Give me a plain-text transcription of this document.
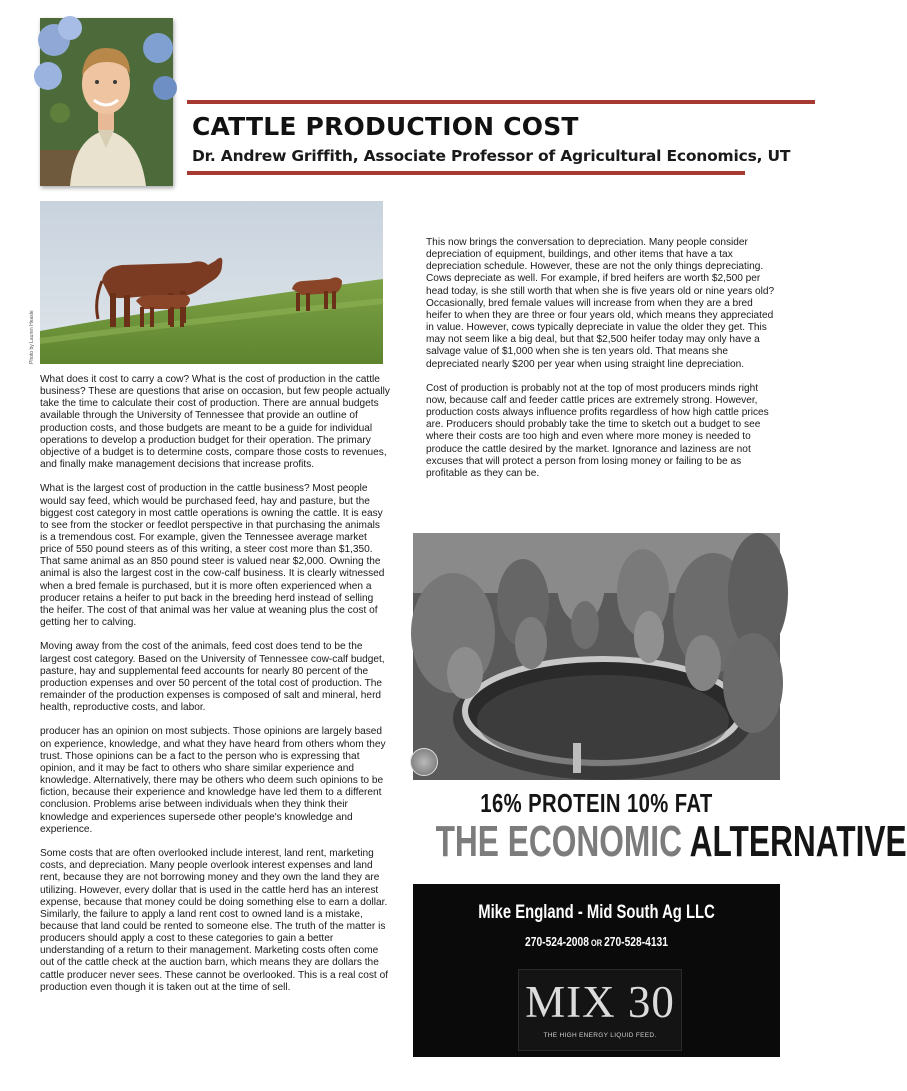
CATTLE PRODUCTION COST
Dr. Andrew Griffith, Associate Professor of Agricultural Economics, UT
Photo by Lauren Heasle

What does it cost to carry a cow? What is the cost of production in the cattle business? These are questions that arise on occasion, but few people actually take the time to calculate their cost of production. There are annual budgets available through the University of Tennessee that provide an outline of production costs, and those budgets are meant to be a guide for individual operations to develop a production budget for their operation. The primary objective of a budget is to determine costs, compare those costs to revenues, and finally make management decisions that increase profits.

What is the largest cost of production in the cattle business? Most people would say feed, which would be purchased feed, hay and pasture, but the biggest cost category in most cattle operations is owning the cattle. It is easy to see from the stocker or feedlot perspective in that purchasing the animals is a tremendous cost. For example, given the Tennessee average market price of 550 pound steers as of this writing, a steer cost more than $1,350. That same animal as an 850 pound steer is valued near $2,000. Owning the animal is also the largest cost in the cow-calf business. It is clearly witnessed when a bred female is purchased, but it is more often experienced when a producer retains a heifer to put back in the breeding herd instead of selling the heifer. The cost of that animal was her value at weaning plus the cost of getting her to calving.

Moving away from the cost of the animals, feed cost does tend to be the largest cost category. Based on the University of Tennessee cow-calf budget, pasture, hay and supplemental feed accounts for nearly 80 percent of the production expenses and over 50 percent of the total cost of production. The remainder of the production expenses is composed of salt and mineral, herd health, reproductive costs, and labor.

producer has an opinion on most subjects. Those opinions are largely based on experience, knowledge, and what they have heard from others whom they trust. Those opinions can be a fact to the person who is expressing that opinion, and it may be fact to others who share similar experience and knowledge. Alternatively, there may be others who deem such opinions to be fiction, because their experience and knowledge have led them to a different conclusion. Problems arise between individuals when they think their knowledge and experiences supersede other people's knowledge and experience.

Some costs that are often overlooked include interest, land rent, marketing costs, and depreciation. Many people overlook interest expenses and land rent, because they are not borrowing money and they own the land they are utilizing. However, every dollar that is used in the cattle herd has an interest expense, because that money could be doing something else to earn a dollar. Similarly, the failure to apply a land rent cost to owned land is a mistake, because that land could be rented to someone else. The truth of the matter is producers should apply a cost to these categories to gain a better understanding of a return to their management. Marketing costs often come out of the cattle check at the auction barn, which means they are dollars the cattle producer never sees. These cannot be overlooked. This is a real cost of production even though it is taken out at the time of sell.

This now brings the conversation to depreciation. Many people consider depreciation of equipment, buildings, and other items that have a tax depreciation schedule. However, these are not the only things depreciating. Cows depreciate as well. For example, if bred heifers are worth $2,500 per head today, is she still worth that when she is five years old or nine years old? Occasionally, bred female values will increase from when they are a bred heifer to when they are three or four years old, which means they appreciated in value. However, cows typically depreciate in value the older they get. This may not seem like a big deal, but that $2,500 heifer today may only have a salvage value of $1,000 when she is ten years old. That means she depreciated nearly $200 per year when using straight line depreciation.

Cost of production is probably not at the top of most producers minds right now, because calf and feeder cattle prices are extremely strong. However, production costs always influence profits regardless of how high cattle prices are. Producers should probably take the time to sketch out a budget to see where their costs are too high and even where more money is needed to produce the cattle desired by the market. Ignorance and laziness are not excuses that will protect a person from losing money or failing to be as profitable as they can be.

16% PROTEIN 10% FAT
THE ECONOMIC ALTERNATIVE
Mike England - Mid South Ag LLC
270-524-2008 OR 270-528-4131
MIX 30
THE HIGH ENERGY LIQUID FEED.
